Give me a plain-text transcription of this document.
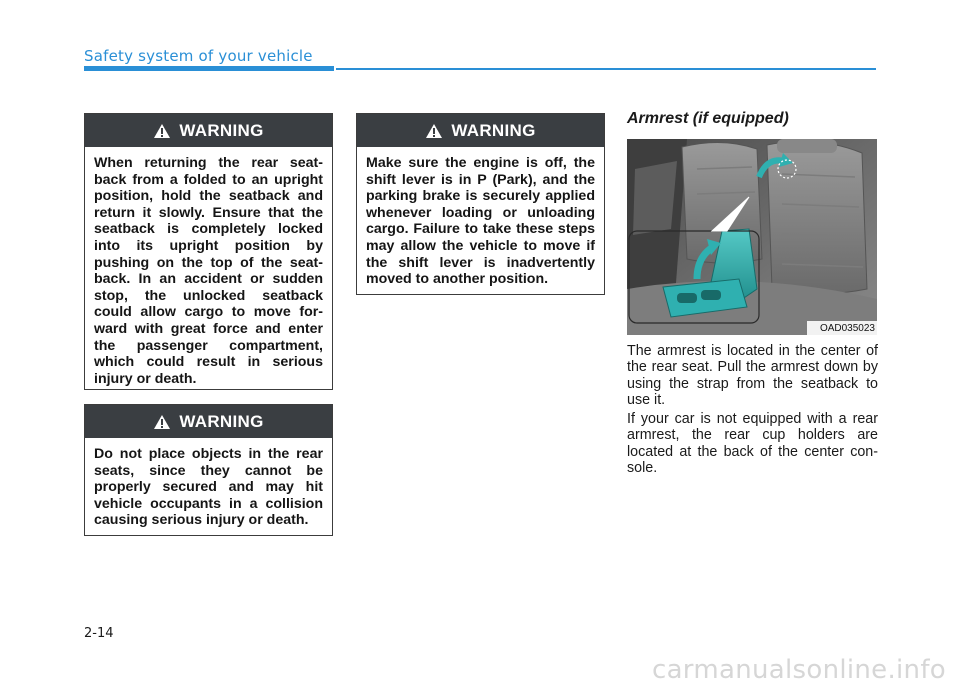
Safety system of your vehicle
WARNING
When returning the rear seat-back from a folded to an upright position, hold the seatback and return it slowly. Ensure that the seatback is completely locked into its upright position by pushing on the top of the seat-back. In an accident or sudden stop, the unlocked seatback could allow cargo to move for-ward with great force and enter the passenger compartment, which could result in serious injury or death.
WARNING
Do not place objects in the rear seats, since they cannot be properly secured and may hit vehicle occupants in a collision causing serious injury or death.
WARNING
Make sure the engine is off, the shift lever is in P (Park), and the parking brake is securely applied whenever loading or unloading cargo. Failure to take these steps may allow the vehicle to move if the shift lever is inadvertently moved to another position.
Armrest (if equipped)
OAD035023

The armrest is located in the center of the rear seat. Pull the armrest down by using the strap from the seatback to use it.

If your car is not equipped with a rear armrest, the rear cup holders are located at the back of the center con-sole.

2-14
carmanualsonline.info
